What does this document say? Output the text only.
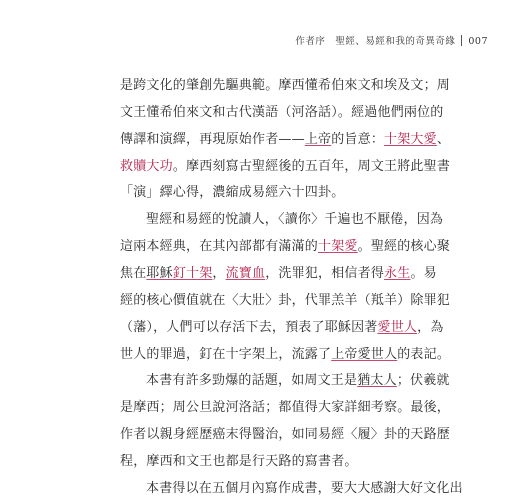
作者序　聖經、易經和我的奇異奇緣 007
是跨文化的肇創先驅典範。摩西懂希伯來文和埃及文；周
文王懂希伯來文和古代漢語（河洛話）。經過他們兩位的
傳譯和演繹，再現原始作者——上帝的旨意：十架大愛、
救贖大功。摩西刻寫古聖經後的五百年，周文王將此聖書
「演」繹心得，濃縮成易經六十四卦。
聖經和易經的悅讀人，〈讀你〉千遍也不厭倦，因為
這兩本經典，在其內部都有滿滿的十架愛。聖經的核心聚
焦在耶穌釘十架，流寶血，洗罪犯，相信者得永生。易
經的核心價值就在〈大壯〉卦，代罪羔羊（羝羊）除罪犯
（藩），人們可以存活下去，預表了耶穌因著愛世人，為
世人的罪過，釘在十字架上，流露了上帝愛世人的表記。
本書有許多勁爆的話題，如周文王是猶太人；伏羲就
是摩西；周公旦說河洛話；都值得大家詳細考察。最後，
作者以親身經歷癌末得醫治，如同易經〈履〉卦的天路歷
程，摩西和文王也都是行天路的寫書者。
本書得以在五個月內寫作成書，要大大感謝大好文化出
